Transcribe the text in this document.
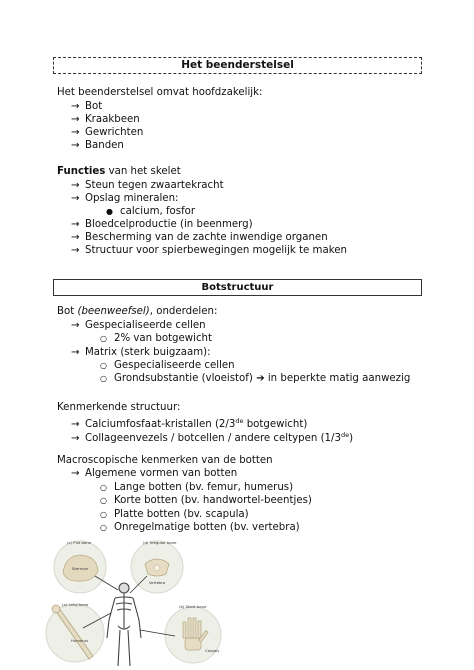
Het beenderstelsel
Het beenderstelsel omvat hoofdzakelijk:
→ Bot
→ Kraakbeen
→ Gewrichten
→ Banden
Functies van het skelet
→ Steun tegen zwaartekracht
→ Opslag mineralen:
● calcium, fosfor
→ Bloedcelproductie (in beenmerg)
→ Bescherming van de zachte inwendige organen
→ Structuur voor spierbewegingen mogelijk te maken
Botstructuur
Bot (beenweefsel), onderdelen:
→ Gespecialiseerde cellen
○ 2% van botgewicht
→ Matrix (sterk buigzaam):
○ Gespecialiseerde cellen
○ Grondsubstantie (vloeistof) ➔ in beperkte matig aanwezig
Kenmerkende structuur:
→ Calciumfosfaat-kristallen (2/3de botgewicht)
→ Collageenvezels / botcellen / andere celtypen (1/3de)
Macroscopische kenmerken van de botten
→ Algemene vormen van botten
○ Lange botten (bv. femur, humerus)
○ Korte botten (bv. handwortel-beentjes)
○ Platte botten (bv. scapula)
○ Onregelmatige botten (bv. vertebra)
(c) Flat bone	(d) Irregular bone
(a) Long bone	(b) Short bone
Sternum
Vertebra
Humerus
Carpals
